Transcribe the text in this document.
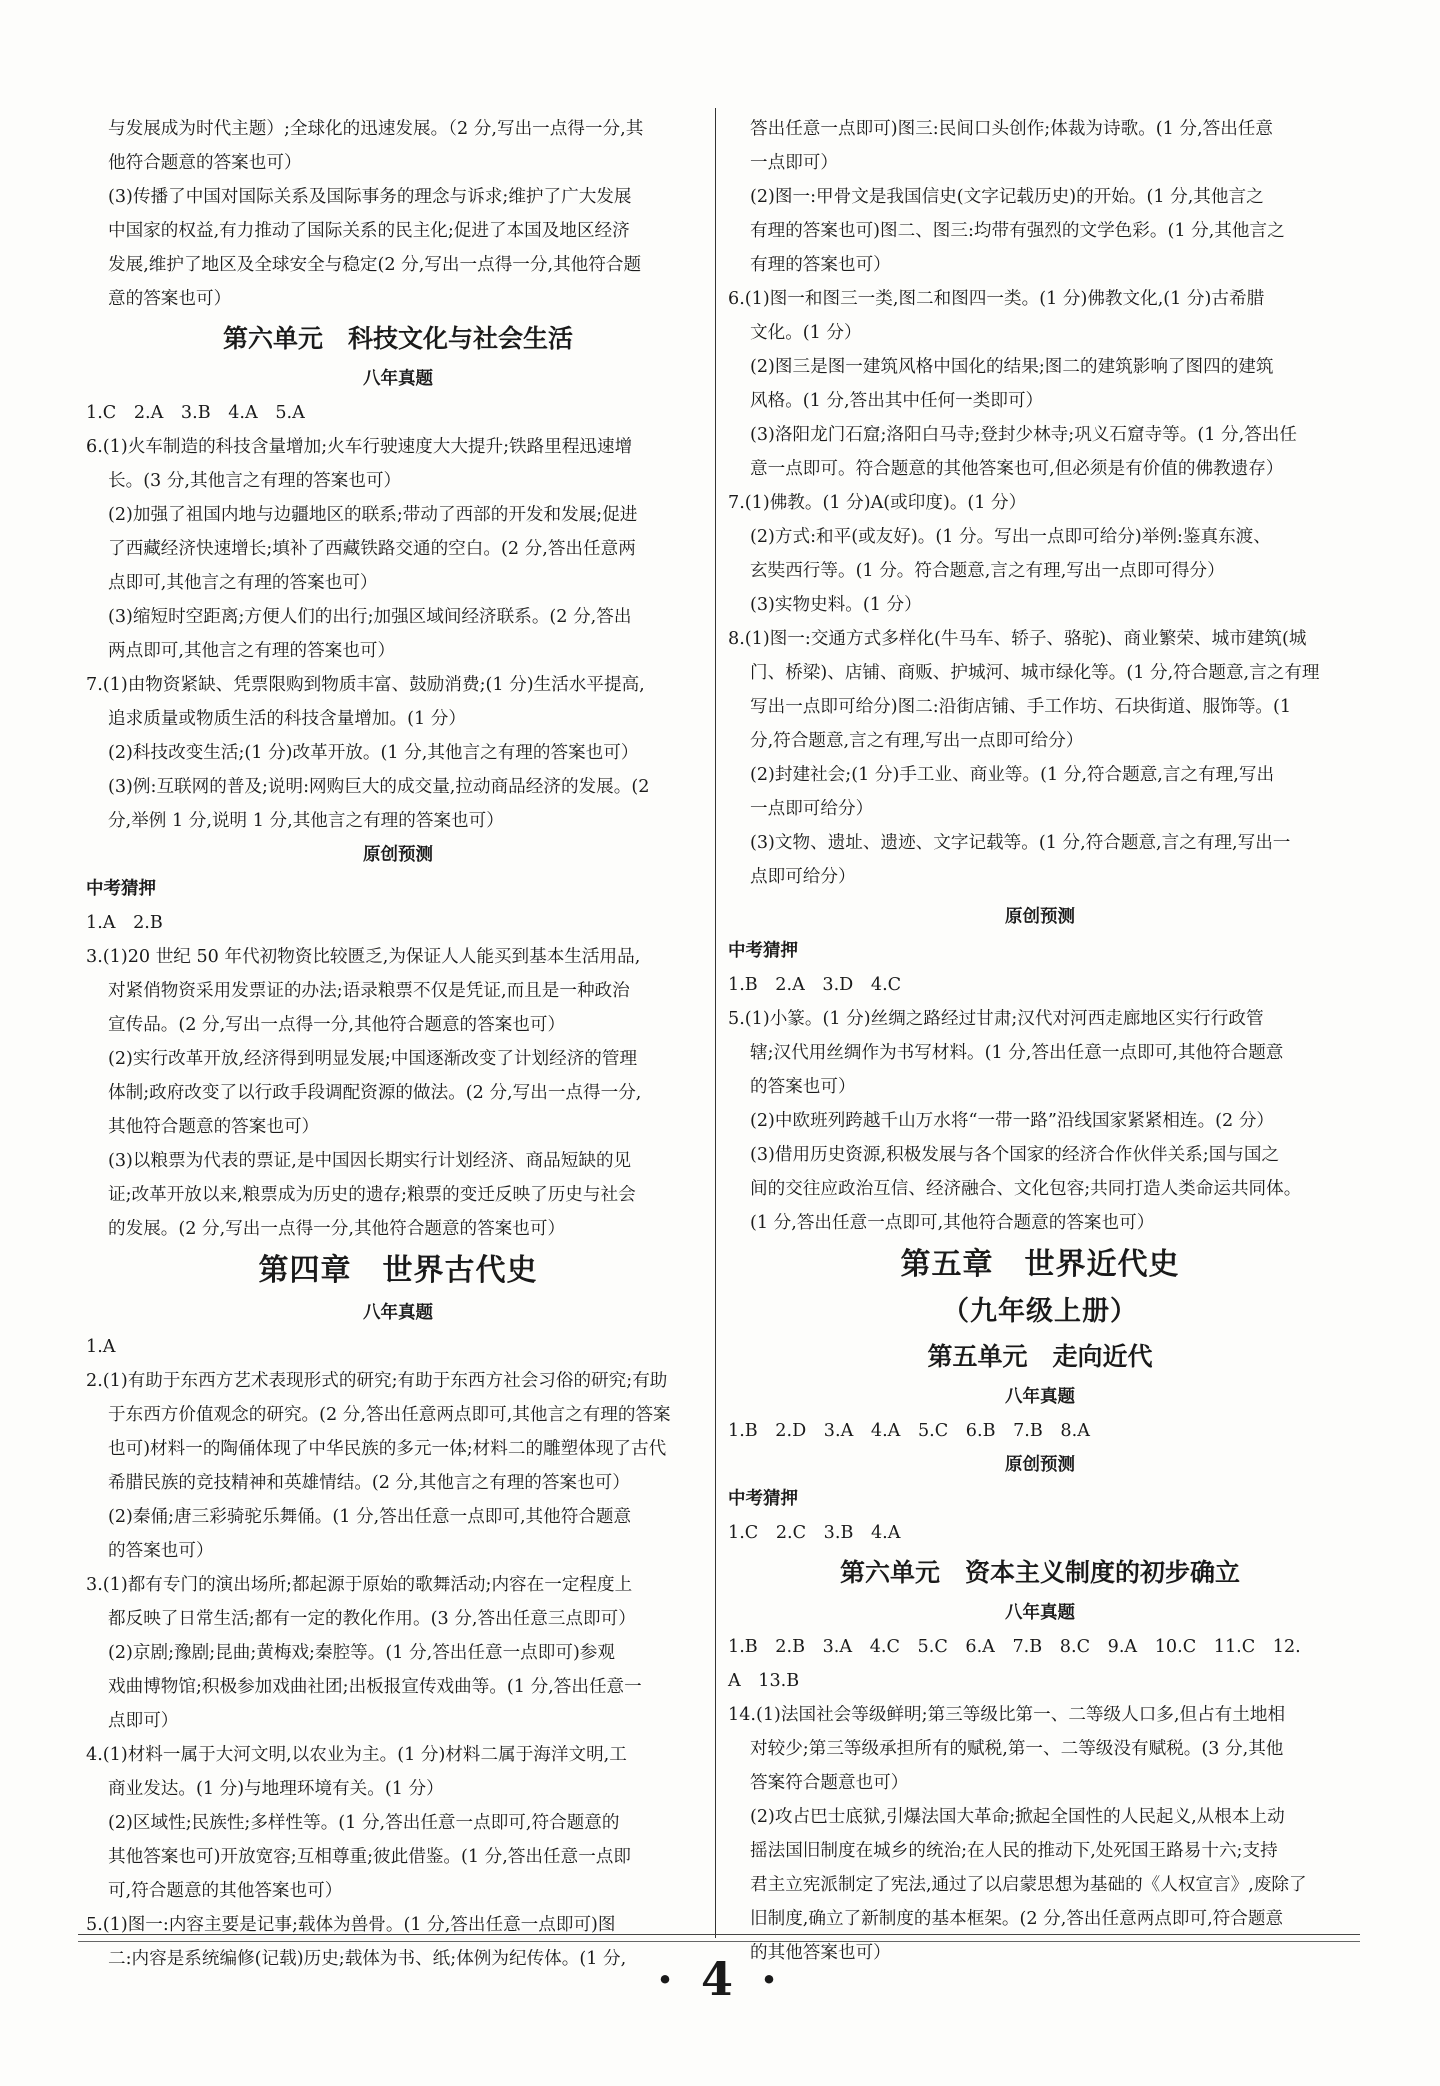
与发展成为时代主题）;全球化的迅速发展。（2 分,写出一点得一分,其

他符合题意的答案也可）

(3)传播了中国对国际关系及国际事务的理念与诉求;维护了广大发展

中国家的权益,有力推动了国际关系的民主化;促进了本国及地区经济

发展,维护了地区及全球安全与稳定(2 分,写出一点得一分,其他符合题

意的答案也可）

第六单元　科技文化与社会生活
八年真题

1.C　2.A　3.B　4.A　5.A

6.(1)火车制造的科技含量增加;火车行驶速度大大提升;铁路里程迅速增

长。(3 分,其他言之有理的答案也可）

(2)加强了祖国内地与边疆地区的联系;带动了西部的开发和发展;促进

了西藏经济快速增长;填补了西藏铁路交通的空白。(2 分,答出任意两

点即可,其他言之有理的答案也可）

(3)缩短时空距离;方便人们的出行;加强区域间经济联系。(2 分,答出

两点即可,其他言之有理的答案也可）

7.(1)由物资紧缺、凭票限购到物质丰富、鼓励消费;(1 分)生活水平提高,

追求质量或物质生活的科技含量增加。(1 分）

(2)科技改变生活;(1 分)改革开放。(1 分,其他言之有理的答案也可）

(3)例:互联网的普及;说明:网购巨大的成交量,拉动商品经济的发展。(2

分,举例 1 分,说明 1 分,其他言之有理的答案也可）

原创预测
中考猜押

1.A　2.B

3.(1)20 世纪 50 年代初物资比较匮乏,为保证人人能买到基本生活用品,

对紧俏物资采用发票证的办法;语录粮票不仅是凭证,而且是一种政治

宣传品。(2 分,写出一点得一分,其他符合题意的答案也可）

(2)实行改革开放,经济得到明显发展;中国逐渐改变了计划经济的管理

体制;政府改变了以行政手段调配资源的做法。(2 分,写出一点得一分,

其他符合题意的答案也可）

(3)以粮票为代表的票证,是中国因长期实行计划经济、商品短缺的见

证;改革开放以来,粮票成为历史的遗存;粮票的变迁反映了历史与社会

的发展。(2 分,写出一点得一分,其他符合题意的答案也可）

第四章　世界古代史
八年真题

1.A

2.(1)有助于东西方艺术表现形式的研究;有助于东西方社会习俗的研究;有助

于东西方价值观念的研究。(2 分,答出任意两点即可,其他言之有理的答案

也可)材料一的陶俑体现了中华民族的多元一体;材料二的雕塑体现了古代

希腊民族的竞技精神和英雄情结。(2 分,其他言之有理的答案也可）

(2)秦俑;唐三彩骑驼乐舞俑。(1 分,答出任意一点即可,其他符合题意

的答案也可）

3.(1)都有专门的演出场所;都起源于原始的歌舞活动;内容在一定程度上

都反映了日常生活;都有一定的教化作用。(3 分,答出任意三点即可）

(2)京剧;豫剧;昆曲;黄梅戏;秦腔等。(1 分,答出任意一点即可)参观

戏曲博物馆;积极参加戏曲社团;出板报宣传戏曲等。(1 分,答出任意一

点即可）

4.(1)材料一属于大河文明,以农业为主。(1 分)材料二属于海洋文明,工

商业发达。(1 分)与地理环境有关。(1 分）

(2)区域性;民族性;多样性等。(1 分,答出任意一点即可,符合题意的

其他答案也可)开放宽容;互相尊重;彼此借鉴。(1 分,答出任意一点即

可,符合题意的其他答案也可）

5.(1)图一:内容主要是记事;载体为兽骨。(1 分,答出任意一点即可)图

二:内容是系统编修(记载)历史;载体为书、纸;体例为纪传体。(1 分,

答出任意一点即可)图三:民间口头创作;体裁为诗歌。(1 分,答出任意

一点即可）

(2)图一:甲骨文是我国信史(文字记载历史)的开始。(1 分,其他言之

有理的答案也可)图二、图三:均带有强烈的文学色彩。(1 分,其他言之

有理的答案也可）

6.(1)图一和图三一类,图二和图四一类。(1 分)佛教文化,(1 分)古希腊

文化。(1 分）

(2)图三是图一建筑风格中国化的结果;图二的建筑影响了图四的建筑

风格。(1 分,答出其中任何一类即可）

(3)洛阳龙门石窟;洛阳白马寺;登封少林寺;巩义石窟寺等。(1 分,答出任

意一点即可。符合题意的其他答案也可,但必须是有价值的佛教遗存）

7.(1)佛教。(1 分)A(或印度)。(1 分）

(2)方式:和平(或友好)。(1 分。写出一点即可给分)举例:鉴真东渡、

玄奘西行等。(1 分。符合题意,言之有理,写出一点即可得分）

(3)实物史料。(1 分）

8.(1)图一:交通方式多样化(牛马车、轿子、骆驼)、商业繁荣、城市建筑(城

门、桥梁)、店铺、商贩、护城河、城市绿化等。(1 分,符合题意,言之有理

写出一点即可给分)图二:沿街店铺、手工作坊、石块街道、服饰等。(1

分,符合题意,言之有理,写出一点即可给分）

(2)封建社会;(1 分)手工业、商业等。(1 分,符合题意,言之有理,写出

一点即可给分）

(3)文物、遗址、遗迹、文字记载等。(1 分,符合题意,言之有理,写出一

点即可给分）

原创预测
中考猜押

1.B　2.A　3.D　4.C

5.(1)小篆。(1 分)丝绸之路经过甘肃;汉代对河西走廊地区实行行政管

辖;汉代用丝绸作为书写材料。(1 分,答出任意一点即可,其他符合题意

的答案也可）

(2)中欧班列跨越千山万水将“一带一路”沿线国家紧紧相连。(2 分）

(3)借用历史资源,积极发展与各个国家的经济合作伙伴关系;国与国之

间的交往应政治互信、经济融合、文化包容;共同打造人类命运共同体。

(1 分,答出任意一点即可,其他符合题意的答案也可）

第五章　世界近代史
（九年级上册）
第五单元　走向近代
八年真题

1.B　2.D　3.A　4.A　5.C　6.B　7.B　8.A

原创预测
中考猜押

1.C　2.C　3.B　4.A

第六单元　资本主义制度的初步确立
八年真题

1.B　2.B　3.A　4.C　5.C　6.A　7.B　8.C　9.A　10.C　11.C　12.

A　13.B

14.(1)法国社会等级鲜明;第三等级比第一、二等级人口多,但占有土地相

对较少;第三等级承担所有的赋税,第一、二等级没有赋税。(3 分,其他

答案符合题意也可）

(2)攻占巴士底狱,引爆法国大革命;掀起全国性的人民起义,从根本上动

摇法国旧制度在城乡的统治;在人民的推动下,处死国王路易十六;支持

君主立宪派制定了宪法,通过了以启蒙思想为基础的《人权宣言》,废除了

旧制度,确立了新制度的基本框架。(2 分,答出任意两点即可,符合题意

的其他答案也可）

· 4 ·
